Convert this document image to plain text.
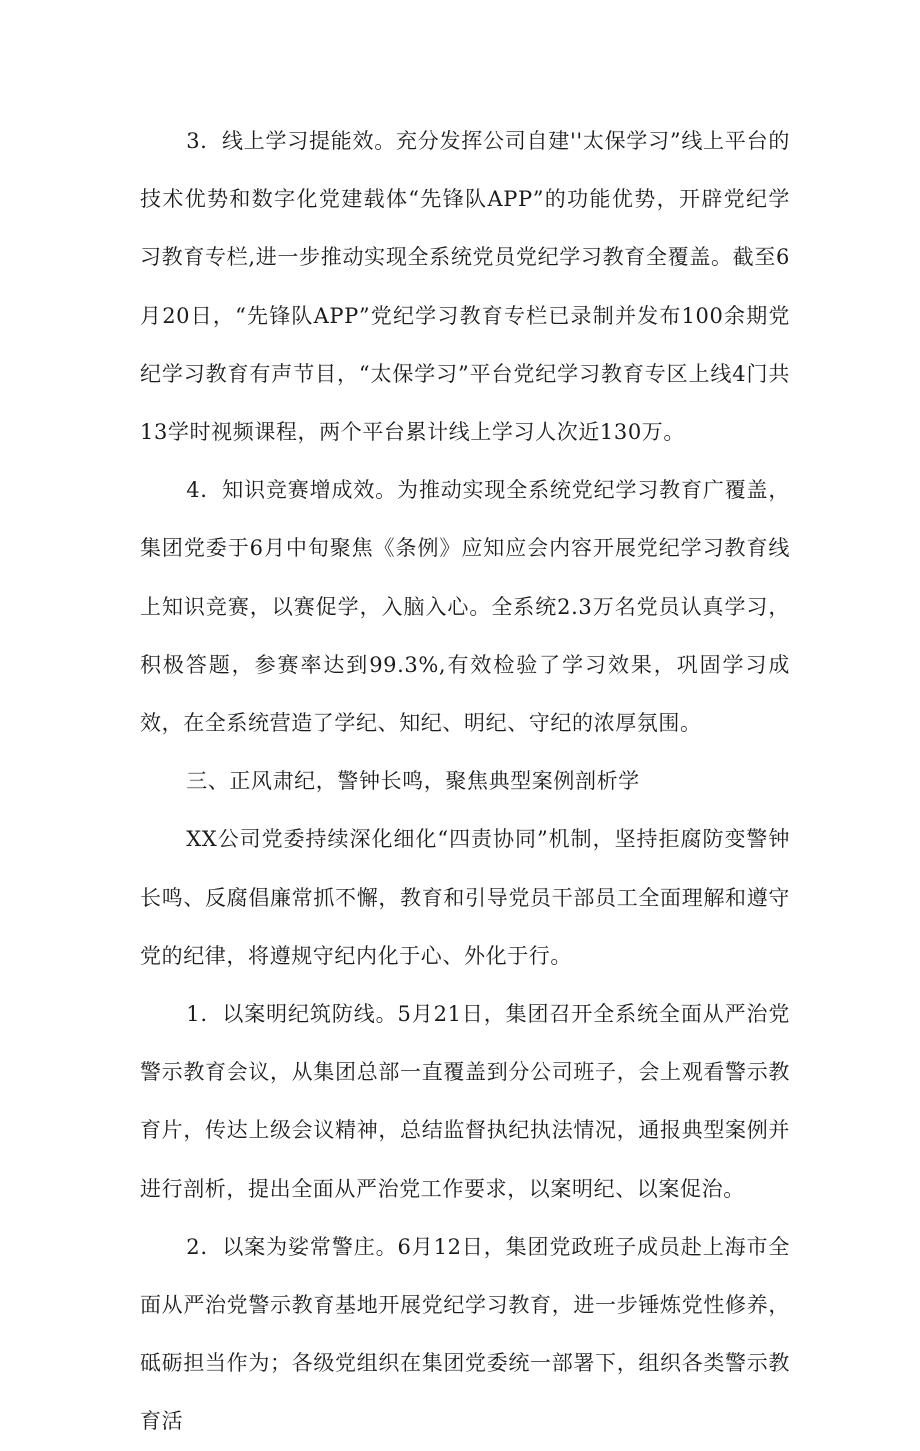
3．线上学习提能效。充分发挥公司自建''太保学习”线上平台的技术优势和数字化党建载体“先锋队APP”的功能优势，开辟党纪学习教育专栏,进一步推动实现全系统党员党纪学习教育全覆盖。截至6月20日，“先锋队APP”党纪学习教育专栏已录制并发布100余期党纪学习教育有声节目，“太保学习”平台党纪学习教育专区上线4门共13学时视频课程，两个平台累计线上学习人次近130万。

4．知识竞赛增成效。为推动实现全系统党纪学习教育广覆盖，集团党委于6月中旬聚焦《条例》应知应会内容开展党纪学习教育线上知识竞赛，以赛促学，入脑入心。全系统2.3万名党员认真学习，积极答题，参赛率达到99.3%,有效检验了学习效果，巩固学习成效，在全系统营造了学纪、知纪、明纪、守纪的浓厚氛围。

三、正风肃纪，警钟长鸣，聚焦典型案例剖析学

XX公司党委持续深化细化“四责协同”机制，坚持拒腐防变警钟长鸣、反腐倡廉常抓不懈，教育和引导党员干部员工全面理解和遵守党的纪律，将遵规守纪内化于心、外化于行。

1．以案明纪筑防线。5月21日，集团召开全系统全面从严治党警示教育会议，从集团总部一直覆盖到分公司班子，会上观看警示教育片，传达上级会议精神，总结监督执纪执法情况，通报典型案例并进行剖析，提出全面从严治党工作要求，以案明纪、以案促治。

2．以案为娑常警庄。6月12日，集团党政班子成员赴上海市全面从严治党警示教育基地开展党纪学习教育，进一步锤炼党性修养，砥砺担当作为；各级党组织在集团党委统一部署下，组织各类警示教育活
